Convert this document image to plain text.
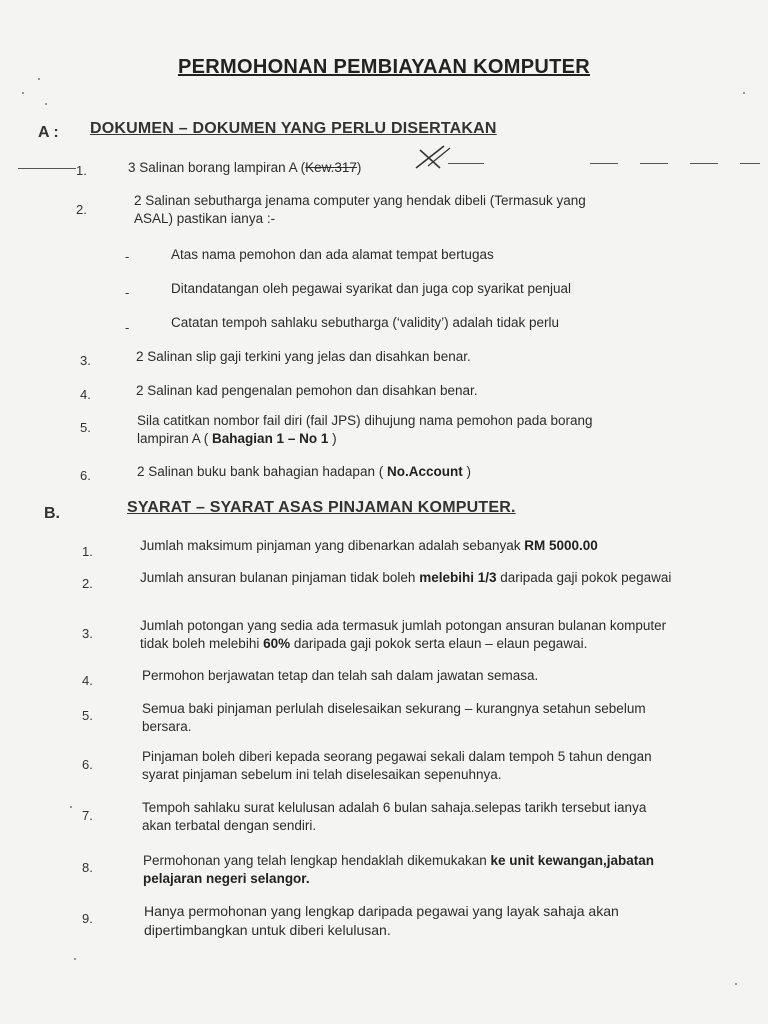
PERMOHONAN PEMBIAYAAN KOMPUTER
A : DOKUMEN – DOKUMEN YANG PERLU DISERTAKAN
1.	3 Salinan borang lampiran A (Kew.317)
2.
2 Salinan sebutharga jenama computer yang hendak dibeli (Termasuk yang
ASAL) pastikan ianya :-
-	Atas nama pemohon dan ada alamat tempat bertugas
-	Ditandatangan oleh pegawai syarikat dan juga cop syarikat penjual
-	Catatan tempoh sahlaku sebutharga (‘validity’) adalah tidak perlu
3.	2 Salinan slip gaji terkini yang jelas dan disahkan benar.
4.	2 Salinan kad pengenalan pemohon dan disahkan benar.
5.	Sila catitkan nombor fail diri (fail JPS) dihujung nama pemohon pada borang
lampiran A ( Bahagian 1 – No 1 )
6.	2 Salinan buku bank bahagian hadapan ( No.Account )
B.	SYARAT – SYARAT ASAS PINJAMAN KOMPUTER.
1.	Jumlah maksimum pinjaman yang dibenarkan adalah sebanyak RM 5000.00
2.	Jumlah ansuran bulanan pinjaman tidak boleh melebihi 1/3 daripada gaji pokok pegawai
3.
Jumlah potongan yang sedia ada termasuk jumlah potongan ansuran bulanan komputer
tidak boleh melebihi 60% daripada gaji pokok serta elaun – elaun pegawai.
4.	Permohon berjawatan tetap dan telah sah dalam jawatan semasa.
5.	Semua baki pinjaman perlulah diselesaikan sekurang – kurangnya setahun sebelum
bersara.
6.
Pinjaman boleh diberi kepada seorang pegawai sekali dalam tempoh 5 tahun dengan
syarat pinjaman sebelum ini telah diselesaikan sepenuhnya.
7.
Tempoh sahlaku surat kelulusan adalah 6 bulan sahaja.selepas tarikh tersebut ianya
akan terbatal dengan sendiri.
8.	Permohonan yang telah lengkap hendaklah dikemukakan ke unit kewangan,jabatan
pelajaran negeri selangor.
9.	Hanya permohonan yang lengkap daripada pegawai yang layak sahaja akan
dipertimbangkan untuk diberi kelulusan.
